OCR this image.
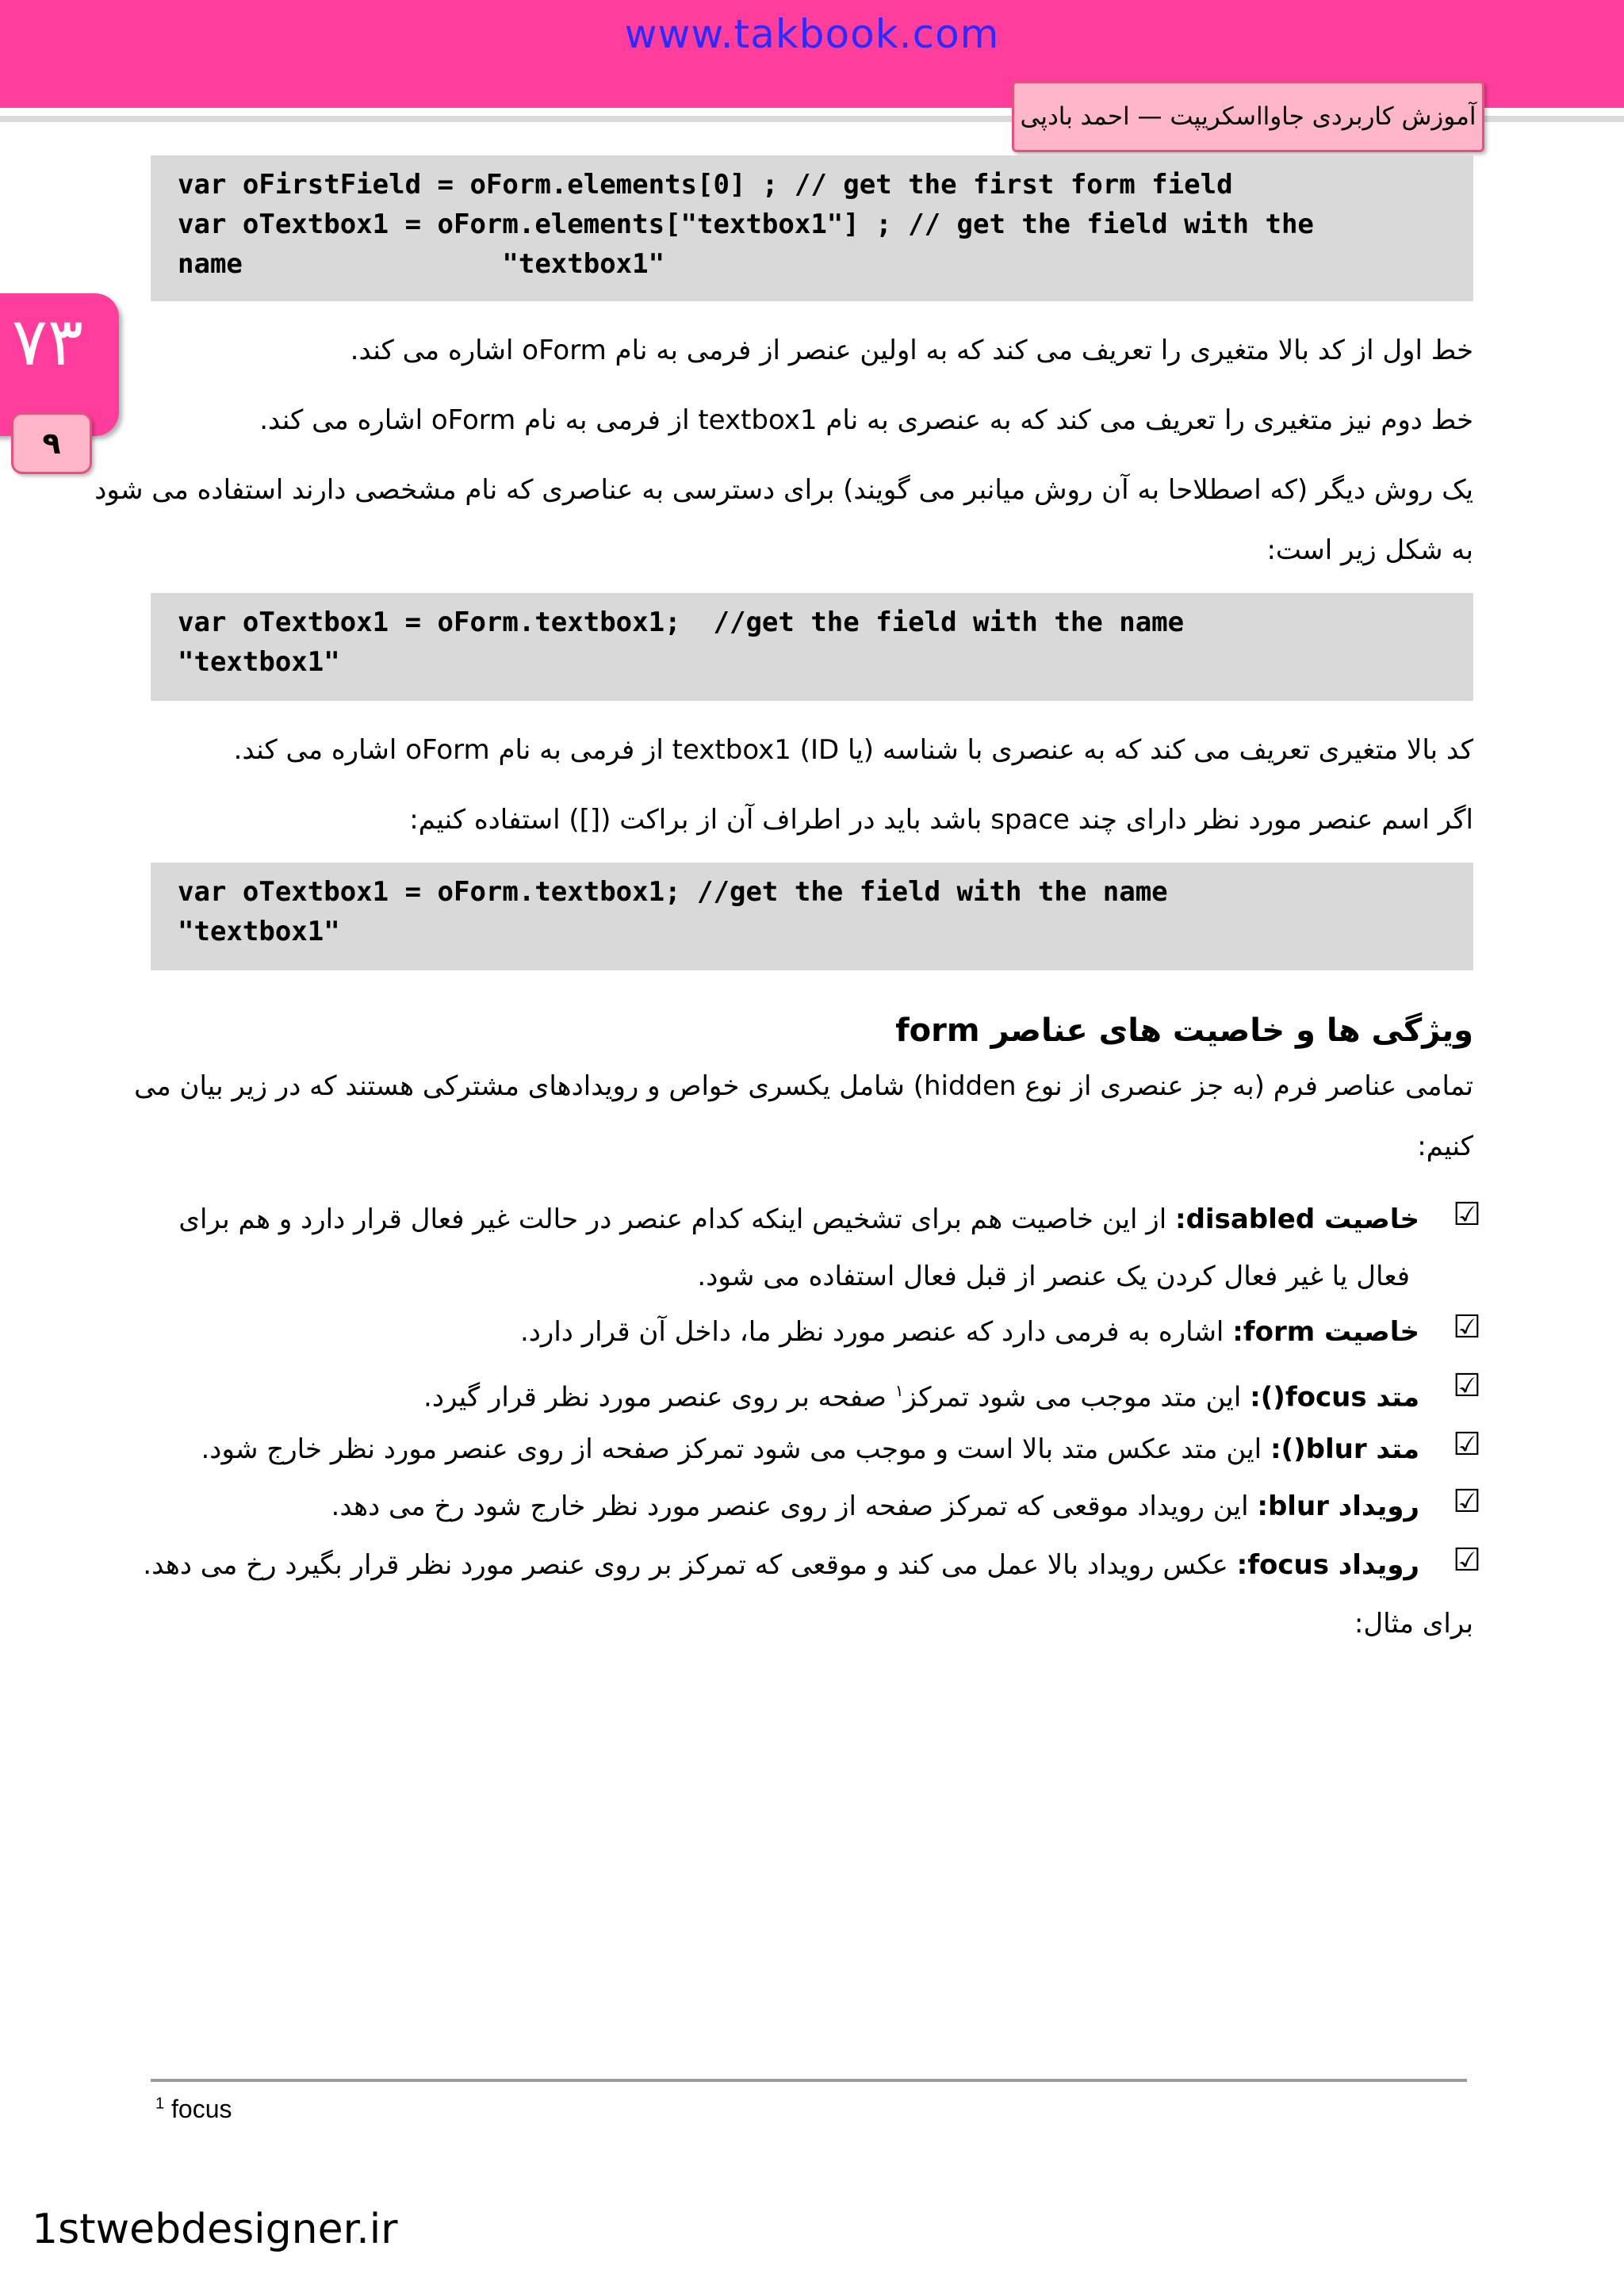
www.takbook.com
آموزش کاربردی جاوااسکریپت — احمد بادپی
۷۳
۹
var oFirstField = oForm.elements[0] ; // get the first form field
var oTextbox1 = oForm.elements["textbox1"] ; // get the field with the
name                "textbox1"
خط اول از کد بالا متغیری را تعریف می کند که به اولین عنصر از فرمی به نام oForm اشاره می کند.
خط دوم نیز متغیری را تعریف می کند که به عنصری به نام textbox1 از فرمی به نام oForm اشاره می کند.
یک روش دیگر (که اصطلاحا به آن روش میانبر می گویند) برای دسترسی به عناصری که نام مشخصی دارند استفاده می شود
به شکل زیر است:
var oTextbox1 = oForm.textbox1;  //get the field with the name
"textbox1"
کد بالا متغیری تعریف می کند که به عنصری با شناسه (یا ID) textbox1 از فرمی به نام oForm اشاره می کند.
اگر اسم عنصر مورد نظر دارای چند space باشد باید در اطراف آن از براکت ([]) استفاده کنیم:
var oTextbox1 = oForm.textbox1; //get the field with the name
"textbox1"
ویژگی ها و خاصیت های عناصر form
تمامی عناصر فرم (به جز عنصری از نوع hidden) شامل یکسری خواص و رویدادهای مشترکی هستند که در زیر بیان می
کنیم:
☑
خاصیت disabled: از این خاصیت هم برای تشخیص اینکه کدام عنصر در حالت غیر فعال قرار دارد و هم برای
فعال یا غیر فعال کردن یک عنصر از قبل فعال استفاده می شود.
☑
خاصیت form: اشاره به فرمی دارد که عنصر مورد نظر ما، داخل آن قرار دارد.
☑
متد focus(): این متد موجب می شود تمرکز$^۱$ صفحه بر روی عنصر مورد نظر قرار گیرد.
☑
متد blur(): این متد عکس متد بالا است و موجب می شود تمرکز صفحه از روی عنصر مورد نظر خارج شود.
☑
رویداد blur: این رویداد موقعی که تمرکز صفحه از روی عنصر مورد نظر خارج شود رخ می دهد.
☑
رویداد focus: عکس رویداد بالا عمل می کند و موقعی که تمرکز بر روی عنصر مورد نظر قرار بگیرد رخ می دهد.
برای مثال:
$^1$ focus
1stwebdesigner.ir
